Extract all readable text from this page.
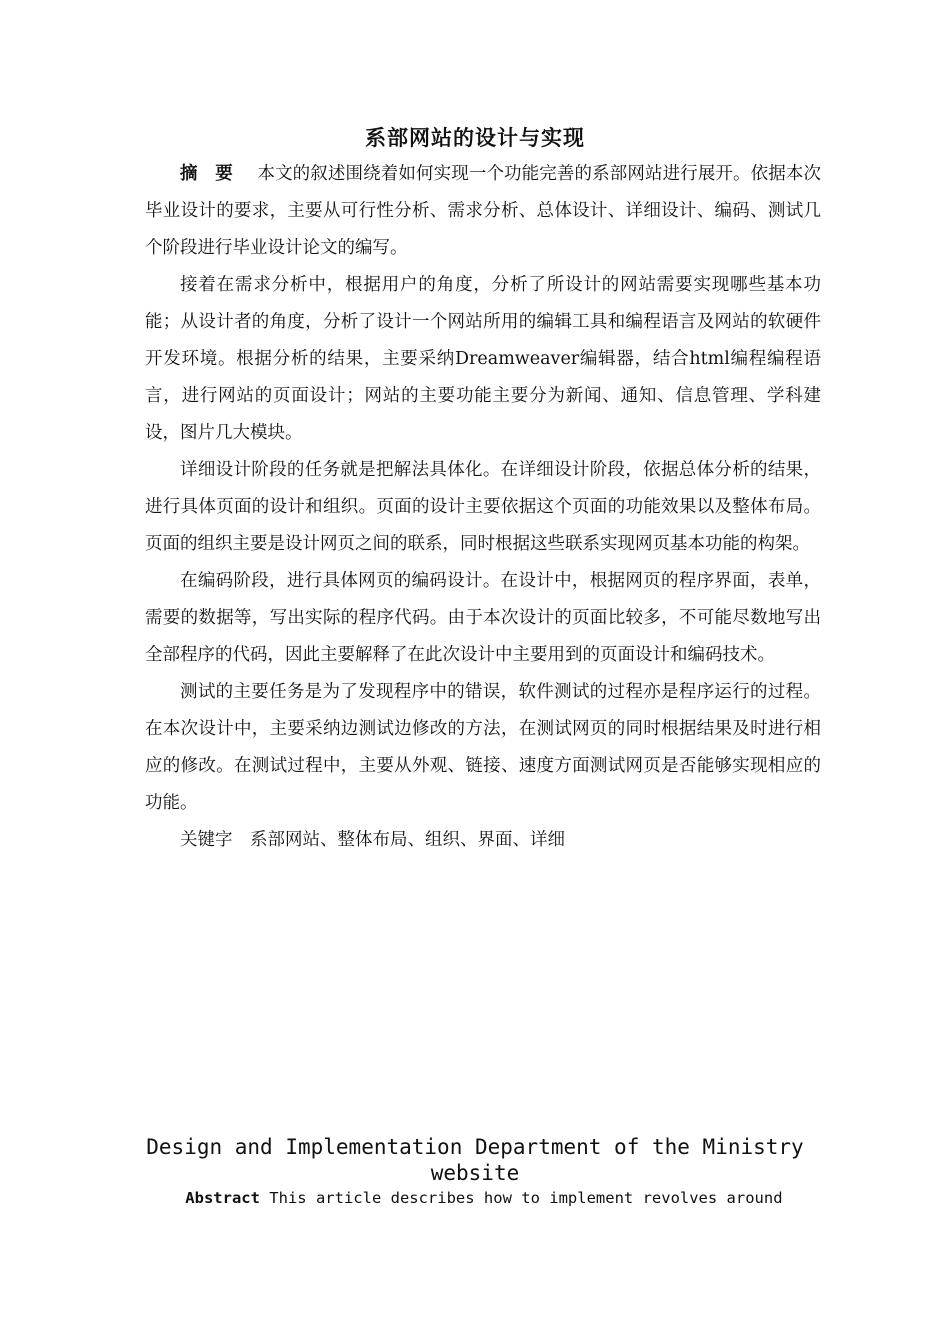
系部网站的设计与实现

摘　要 本文的叙述围绕着如何实现一个功能完善的系部网站进行展开。依据本次毕业设计的要求，主要从可行性分析、需求分析、总体设计、详细设计、编码、测试几个阶段进行毕业设计论文的编写。

接着在需求分析中，根据用户的角度，分析了所设计的网站需要实现哪些基本功能；从设计者的角度，分析了设计一个网站所用的编辑工具和编程语言及网站的软硬件开发环境。根据分析的结果，主要采纳Dreamweaver编辑器，结合html编程编程语言，进行网站的页面设计；网站的主要功能主要分为新闻、通知、信息管理、学科建设，图片几大模块。

详细设计阶段的任务就是把解法具体化。在详细设计阶段，依据总体分析的结果，进行具体页面的设计和组织。页面的设计主要依据这个页面的功能效果以及整体布局。页面的组织主要是设计网页之间的联系，同时根据这些联系实现网页基本功能的构架。

在编码阶段，进行具体网页的编码设计。在设计中，根据网页的程序界面，表单，需要的数据等，写出实际的程序代码。由于本次设计的页面比较多，不可能尽数地写出全部程序的代码，因此主要解释了在此次设计中主要用到的页面设计和编码技术。

测试的主要任务是为了发现程序中的错误，软件测试的过程亦是程序运行的过程。在本次设计中，主要采纳边测试边修改的方法，在测试网页的同时根据结果及时进行相应的修改。在测试过程中，主要从外观、链接、速度方面测试网页是否能够实现相应的功能。

关键字 系部网站、整体布局、组织、界面、详细

Design and Implementation Department of the Ministry website
Abstract This article describes how to implement revolves around
